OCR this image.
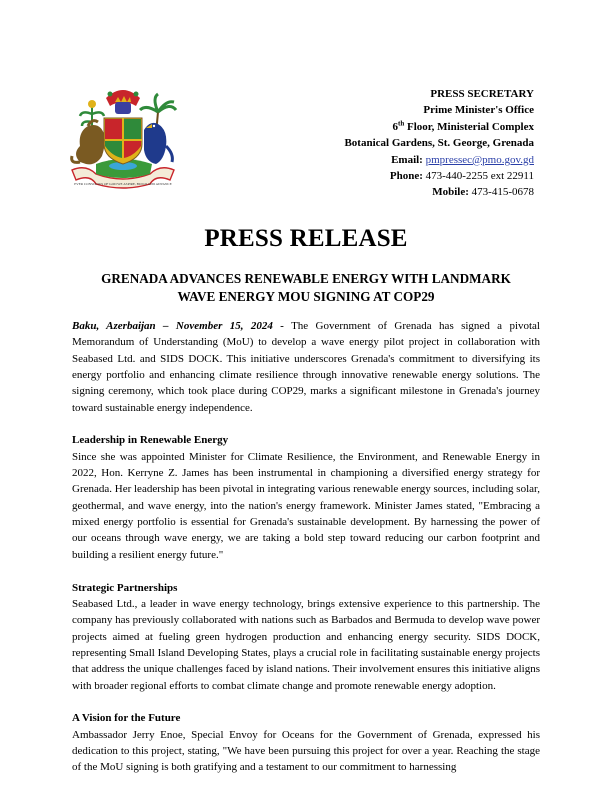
EVER CONSCIOUS OF GOD WE ASPIRE, BUILD AND ADVANCE
PRESS SECRETARY
Prime Minister's Office
6th Floor, Ministerial Complex
Botanical Gardens, St. George, Grenada
Email: pmpressec@pmo.gov.gd
Phone: 473-440-2255 ext 22911
Mobile: 473-415-0678
PRESS RELEASE
GRENADA ADVANCES RENEWABLE ENERGY WITH LANDMARK
WAVE ENERGY MOU SIGNING AT COP29

Baku, Azerbaijan – November 15, 2024 - The Government of Grenada has signed a pivotal Memorandum of Understanding (MoU) to develop a wave energy pilot project in collaboration with Seabased Ltd. and SIDS DOCK. This initiative underscores Grenada's commitment to diversifying its energy portfolio and enhancing climate resilience through innovative renewable energy solutions. The signing ceremony, which took place during COP29, marks a significant milestone in Grenada's journey toward sustainable energy independence.

Leadership in Renewable Energy

Since she was appointed Minister for Climate Resilience, the Environment, and Renewable Energy in 2022, Hon. Kerryne Z. James has been instrumental in championing a diversified energy strategy for Grenada. Her leadership has been pivotal in integrating various renewable energy sources, including solar, geothermal, and wave energy, into the nation's energy framework. Minister James stated, "Embracing a mixed energy portfolio is essential for Grenada's sustainable development. By harnessing the power of our oceans through wave energy, we are taking a bold step toward reducing our carbon footprint and building a resilient energy future."

Strategic Partnerships

Seabased Ltd., a leader in wave energy technology, brings extensive experience to this partnership. The company has previously collaborated with nations such as Barbados and Bermuda to develop wave power projects aimed at fueling green hydrogen production and enhancing energy security. SIDS DOCK, representing Small Island Developing States, plays a crucial role in facilitating sustainable energy projects that address the unique challenges faced by island nations. Their involvement ensures this initiative aligns with broader regional efforts to combat climate change and promote renewable energy adoption.

A Vision for the Future

Ambassador Jerry Enoe, Special Envoy for Oceans for the Government of Grenada, expressed his dedication to this project, stating, "We have been pursuing this project for over a year. Reaching the stage of the MoU signing is both gratifying and a testament to our commitment to harnessing
